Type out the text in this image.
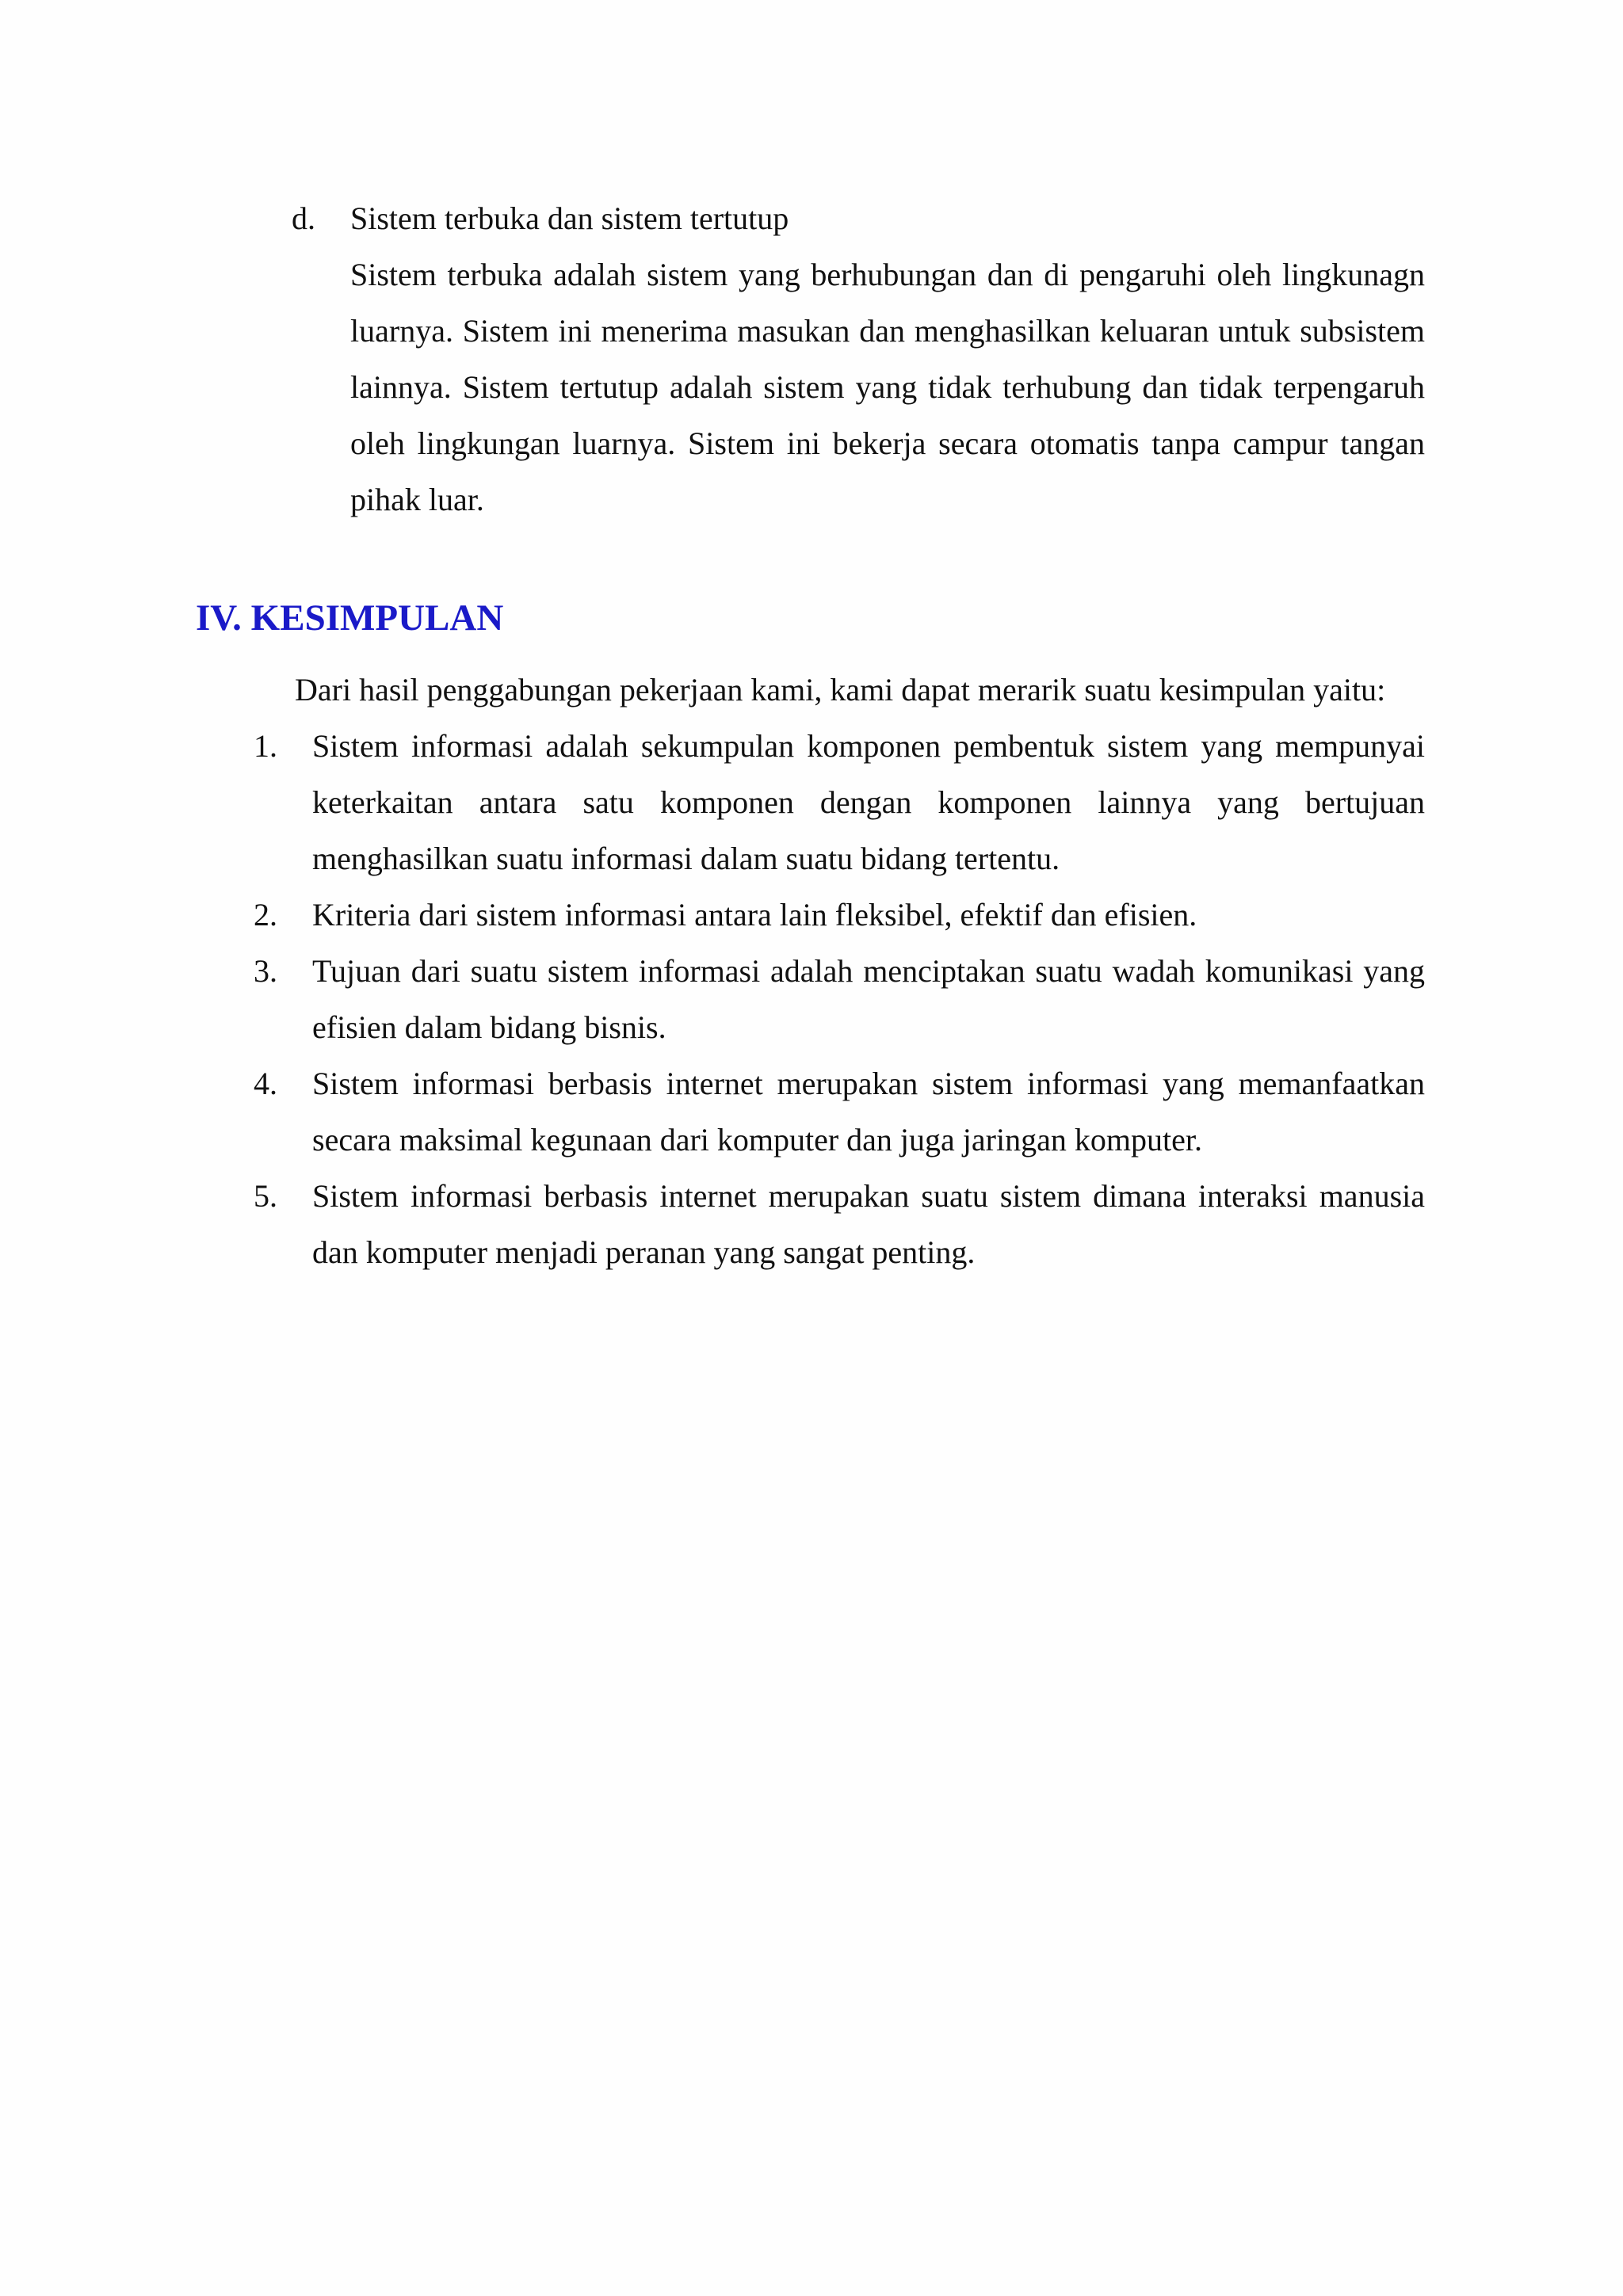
d. Sistem terbuka dan sistem tertutup
Sistem terbuka adalah sistem yang berhubungan dan di pengaruhi oleh lingkunagn luarnya. Sistem ini menerima masukan dan menghasilkan keluaran untuk subsistem lainnya. Sistem tertutup adalah sistem yang tidak terhubung dan tidak terpengaruh oleh lingkungan luarnya. Sistem ini bekerja secara otomatis tanpa campur tangan pihak luar.
IV. KESIMPULAN
Dari hasil penggabungan pekerjaan kami, kami dapat merarik suatu kesimpulan yaitu:
1. Sistem informasi adalah sekumpulan komponen pembentuk sistem yang mempunyai keterkaitan antara satu komponen dengan komponen lainnya yang bertujuan menghasilkan suatu informasi dalam suatu bidang tertentu.
2. Kriteria dari sistem informasi antara lain fleksibel, efektif dan efisien.
3. Tujuan dari suatu sistem informasi adalah menciptakan suatu wadah komunikasi yang efisien dalam bidang bisnis.
4. Sistem informasi berbasis internet merupakan sistem informasi yang memanfaatkan secara maksimal kegunaan dari komputer dan juga jaringan komputer.
5. Sistem informasi berbasis internet merupakan suatu sistem dimana interaksi manusia dan komputer menjadi peranan yang sangat penting.
